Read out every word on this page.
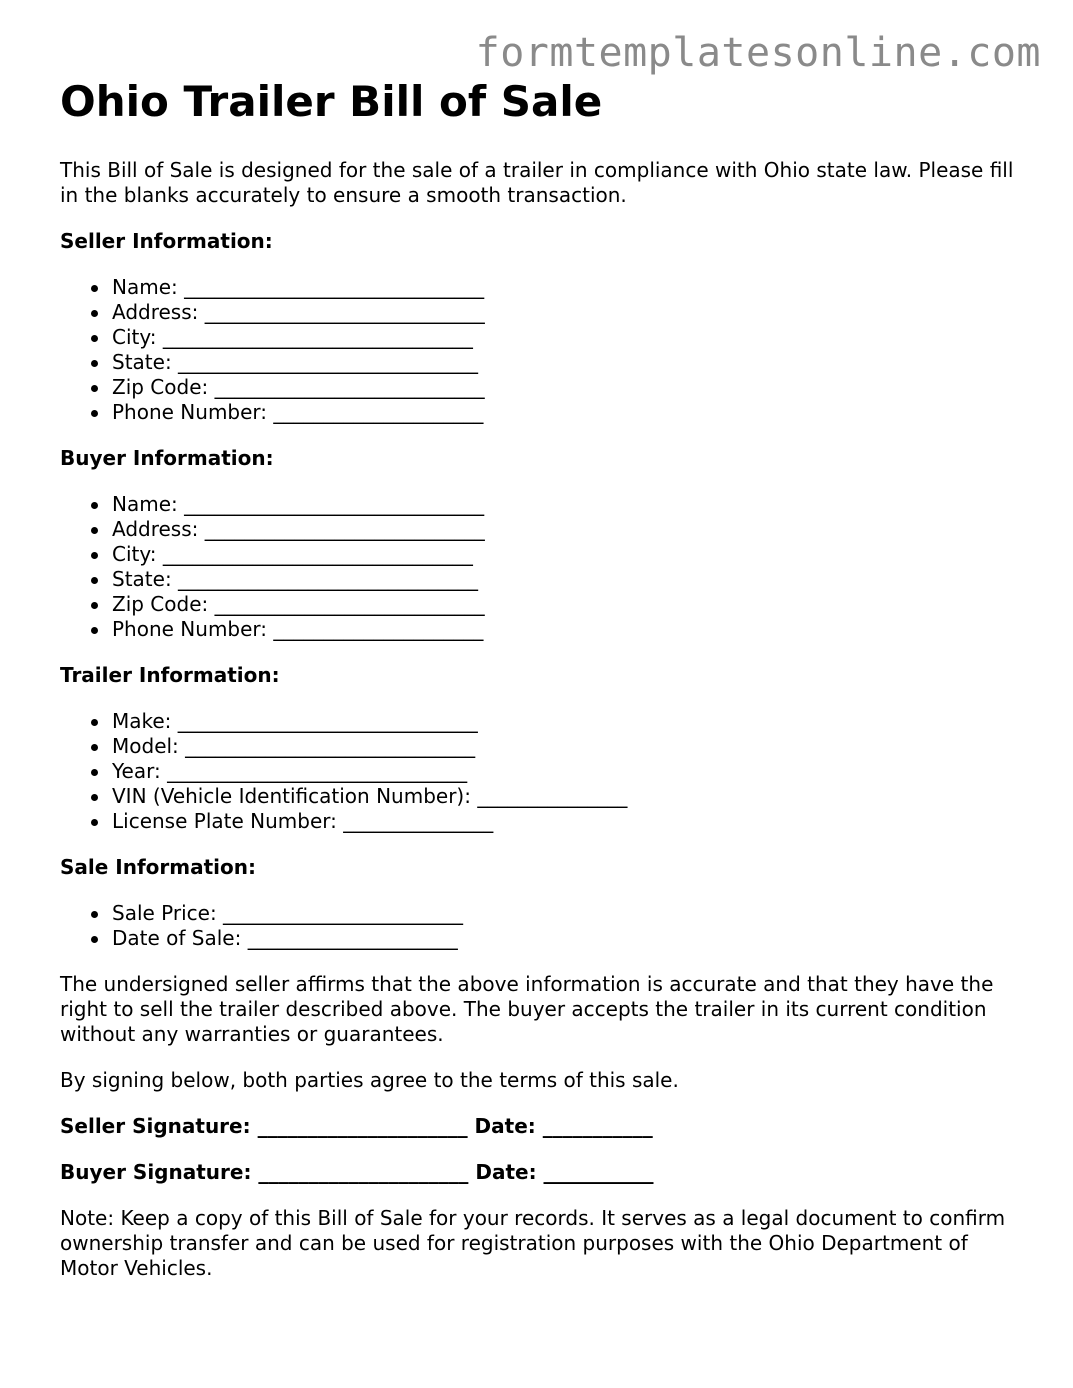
formtemplatesonline.com
Ohio Trailer Bill of Sale

This Bill of Sale is designed for the sale of a trailer in compliance with Ohio state law. Please fill in the blanks accurately to ensure a smooth transaction.

Seller Information:

Name: ______________________________
Address: ____________________________
City: _______________________________
State: ______________________________
Zip Code: ___________________________
Phone Number: _____________________

Buyer Information:

Name: ______________________________
Address: ____________________________
City: _______________________________
State: ______________________________
Zip Code: ___________________________
Phone Number: _____________________

Trailer Information:

Make: ______________________________
Model: _____________________________
Year: ______________________________
VIN (Vehicle Identification Number): _______________
License Plate Number: _______________

Sale Information:

Sale Price: ________________________
Date of Sale: _____________________

The undersigned seller affirms that the above information is accurate and that they have the right to sell the trailer described above. The buyer accepts the trailer in its current condition without any warranties or guarantees.

By signing below, both parties agree to the terms of this sale.

Seller Signature: _____________________ Date: ___________

Buyer Signature: _____________________ Date: ___________

Note: Keep a copy of this Bill of Sale for your records. It serves as a legal document to confirm ownership transfer and can be used for registration purposes with the Ohio Department of Motor Vehicles.
